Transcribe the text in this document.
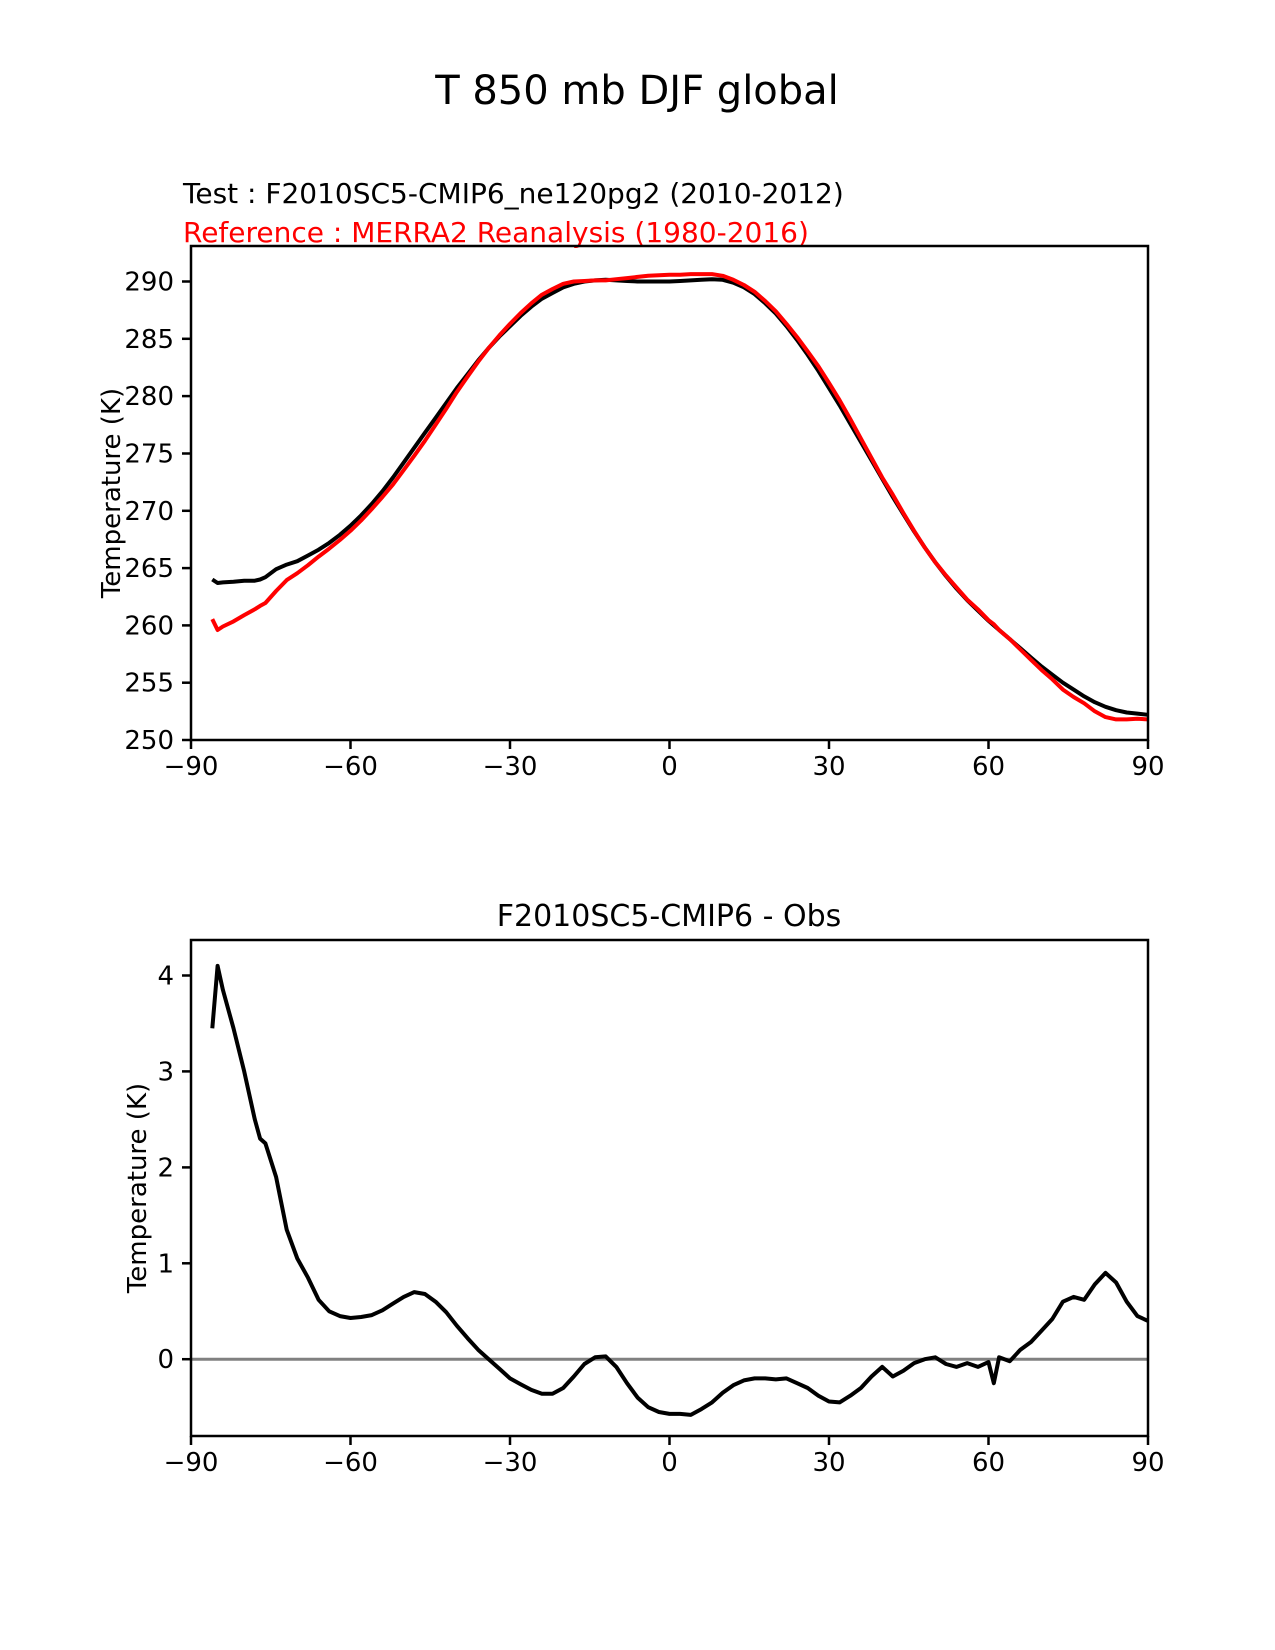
T 850 mb DJF global
Test : F2010SC5-CMIP6_ne120pg2 (2010-2012)
Reference : MERRA2 Reanalysis (1980-2016)
Temperature (K)
F2010SC5-CMIP6 - Obs
Temperature (K)
−90	−60	−30	0	30	60	90
250
255
260
265
270
275
280
285
290
−90	−60	−30	0	30	60	90
0
1
2
3
4
